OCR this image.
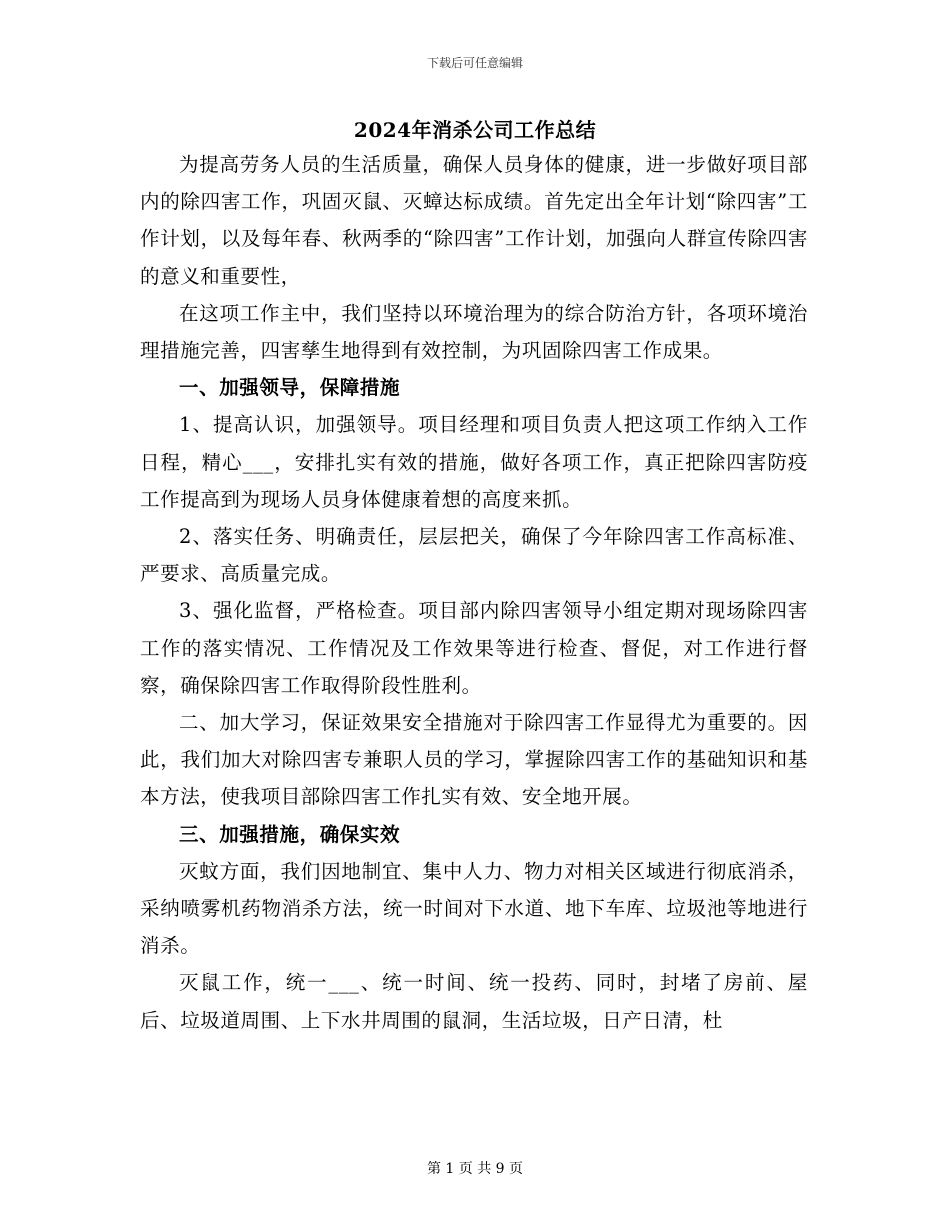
下载后可任意编辑
2024年消杀公司工作总结

为提高劳务人员的生活质量，确保人员身体的健康，进一步做好项目部内的除四害工作，巩固灭鼠、灭蟑达标成绩。首先定出全年计划“除四害”工作计划，以及每年春、秋两季的“除四害”工作计划，加强向人群宣传除四害的意义和重要性，

在这项工作主中，我们坚持以环境治理为的综合防治方针，各项环境治理措施完善，四害孳生地得到有效控制，为巩固除四害工作成果。

一、加强领导，保障措施

1、提高认识，加强领导。项目经理和项目负责人把这项工作纳入工作日程，精心___，安排扎实有效的措施，做好各项工作，真正把除四害防疫工作提高到为现场人员身体健康着想的高度来抓。

2、落实任务、明确责任，层层把关，确保了今年除四害工作高标准、严要求、高质量完成。

3、强化监督，严格检查。项目部内除四害领导小组定期对现场除四害工作的落实情况、工作情况及工作效果等进行检查、督促，对工作进行督察，确保除四害工作取得阶段性胜利。

二、加大学习，保证效果安全措施对于除四害工作显得尤为重要的。因此，我们加大对除四害专兼职人员的学习，掌握除四害工作的基础知识和基本方法，使我项目部除四害工作扎实有效、安全地开展。

三、加强措施，确保实效

灭蚊方面，我们因地制宜、集中人力、物力对相关区域进行彻底消杀，采纳喷雾机药物消杀方法，统一时间对下水道、地下车库、垃圾池等地进行消杀。

灭鼠工作，统一___、统一时间、统一投药、同时，封堵了房前、屋后、垃圾道周围、上下水井周围的鼠洞，生活垃圾，日产日清，杜

第 1 页 共 9 页
